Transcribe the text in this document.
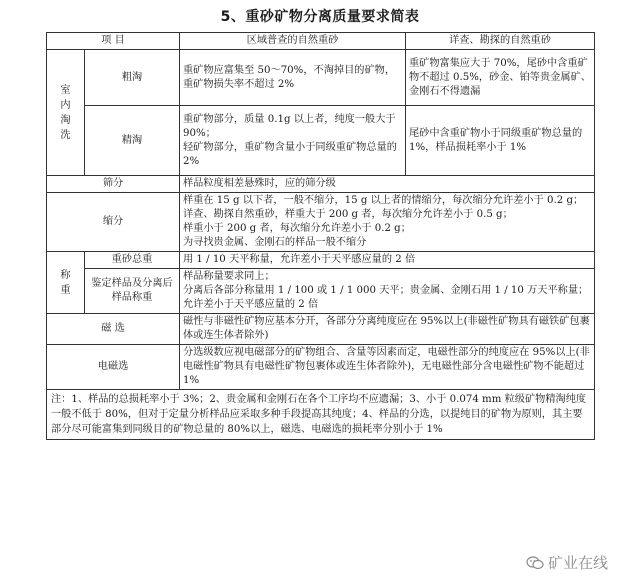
5、重砂矿物分离质量要求简表
项 目		区域普查的自然重砂	详查、勘探的自然重砂

室
内
淘
洗	粗淘	重矿物应富集至 50～70%，不淘掉目的矿物，重矿物损失率不超过 2%	重矿物富集应大于 70%，尾砂中含重矿物不超过 0.5%，砂金、铂等贵金属矿、金刚石不得遗漏
	精淘	重矿物部分，质量 0.1g 以上者，纯度一般大于 90%；
轻矿物部分，重矿物含量小于同级重矿物总量的 2%	尾砂中含重矿物小于同级重矿物总量的 1%，样品损耗率小于 1%
筛分		样品粒度相差悬殊时，应的筛分级	
缩分		样重在 15 g 以下者，一般不缩分，15 g 以上者的情缩分，每次缩分允许差小于 0.2 g；
详查、勘探自然重砂，样重大于 200 g 者，每次缩分允许差小于 0.5 g；
样重小于 200 g 者，每次缩分允许差小于 0.2 g；
为寻找贵金属、金刚石的样品一般不缩分	

称
重	重砂总重	用 1 / 10 天平称量，允许差小于天平感应量的 2 倍	
	鉴定样品及分离后样品称重	样品称量要求同上；
分离后各部分称量用 1 / 100 或 1 / 1 000 天平；贵金属、金刚石用 1 / 10 万天平称量；
允许差小于天平感应量的 2 倍	
磁 选		磁性与非磁性矿物应基本分开，各部分分离纯度应在 95%以上(非磁性矿物具有磁铁矿包裹体或连生体者除外)	
电磁选		分选级数应视电磁部分的矿物组合、含量等因素而定，电磁性部分的纯度应在 95%以上(非电磁性矿物具有电磁性矿物包裹体或连生体者除外)，无电磁性部分含电磁性矿物不能超过 1%	
注：1、样品的总损耗率小于 3%；2、贵金属和金刚石在各个工序均不应遗漏；3、小于 0.074 mm 粒级矿物精淘纯度一般不低于 80%，但对于定量分析样品应采取多种手段提高其纯度；4、样品的分选，以提纯目的矿物为原则，其主要部分尽可能富集到同级目的矿物总量的 80%以上，磁选、电磁选的损耗率分别小于 1%			
矿业在线
